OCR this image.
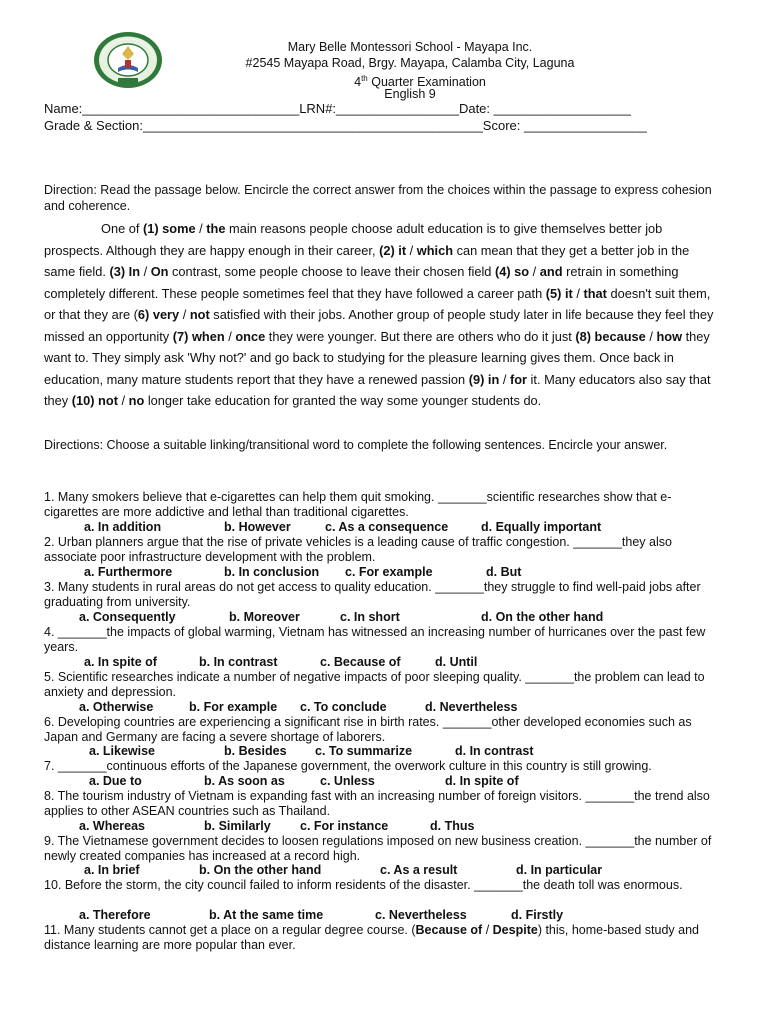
Mary Belle Montessori School - Mayapa Inc.
#2545 Mayapa Road, Brgy. Mayapa, Calamba City, Laguna
4th Quarter Examination
English 9
Name:______________________________LRN#:_________________Date: ___________________
Grade & Section:_______________________________________________Score: _________________
Direction: Read the passage below. Encircle the correct answer from the choices within the passage to express cohesion and coherence.
One of (1) some / the main reasons people choose adult education is to give themselves better job prospects. Although they are happy enough in their career, (2) it / which can mean that they get a better job in the same field. (3) In / On contrast, some people choose to leave their chosen field (4) so / and retrain in something completely different. These people sometimes feel that they have followed a career path (5) it / that doesn't suit them, or that they are (6) very / not satisfied with their jobs. Another group of people study later in life because they feel they missed an opportunity (7) when / once they were younger. But there are others who do it just (8) because / how they want to. They simply ask 'Why not?' and go back to studying for the pleasure learning gives them. Once back in education, many mature students report that they have a renewed passion (9) in / for it. Many educators also say that they (10) not / no longer take education for granted the way some younger students do.
Directions: Choose a suitable linking/transitional word to complete the following sentences. Encircle your answer.
1. Many smokers believe that e-cigarettes can help them quit smoking. _______scientific researches show that e-cigarettes are more addictive and lethal than traditional cigarettes.
a. In addition	b. However	c. As a consequence	d. Equally important
2. Urban planners argue that the rise of private vehicles is a leading cause of traffic congestion. _______they also associate poor infrastructure development with the problem.
a. Furthermore	b. In conclusion c. For example	d. But
3. Many students in rural areas do not get access to quality education. _______they struggle to find well-paid jobs after graduating from university.
a. Consequently	b. Moreover	c. In short	d. On the other hand
4. _______the impacts of global warming, Vietnam has witnessed an increasing number of hurricanes over the past few years.
a. In spite of	b. In contrast	c. Because of	d. Until
5. Scientific researches indicate a number of negative impacts of poor sleeping quality. _______the problem can lead to anxiety and depression.
a. Otherwise	b. For example c. To conclude	d. Nevertheless
6. Developing countries are experiencing a significant rise in birth rates. _______other developed economies such as Japan and Germany are facing a severe shortage of laborers.
a. Likewise	b. Besides c. To summarize	d. In contrast
7. _______continuous efforts of the Japanese government, the overwork culture in this country is still growing.
a. Due to	b. As soon as	c. Unless	d. In spite of
8. The tourism industry of Vietnam is expanding fast with an increasing number of foreign visitors. _______the trend also applies to other ASEAN countries such as Thailand.
a. Whereas	b. Similarly c. For instance	d. Thus
9. The Vietnamese government decides to loosen regulations imposed on new business creation. _______the number of newly created companies has increased at a record high.
a. In brief	b. On the other hand	c. As a result	d. In particular
10. Before the storm, the city council failed to inform residents of the disaster. _______the death toll was enormous.
a. Therefore	b. At the same time	c. Nevertheless	d. Firstly
11. Many students cannot get a place on a regular degree course. (Because of / Despite) this, home-based study and distance learning are more popular than ever.
